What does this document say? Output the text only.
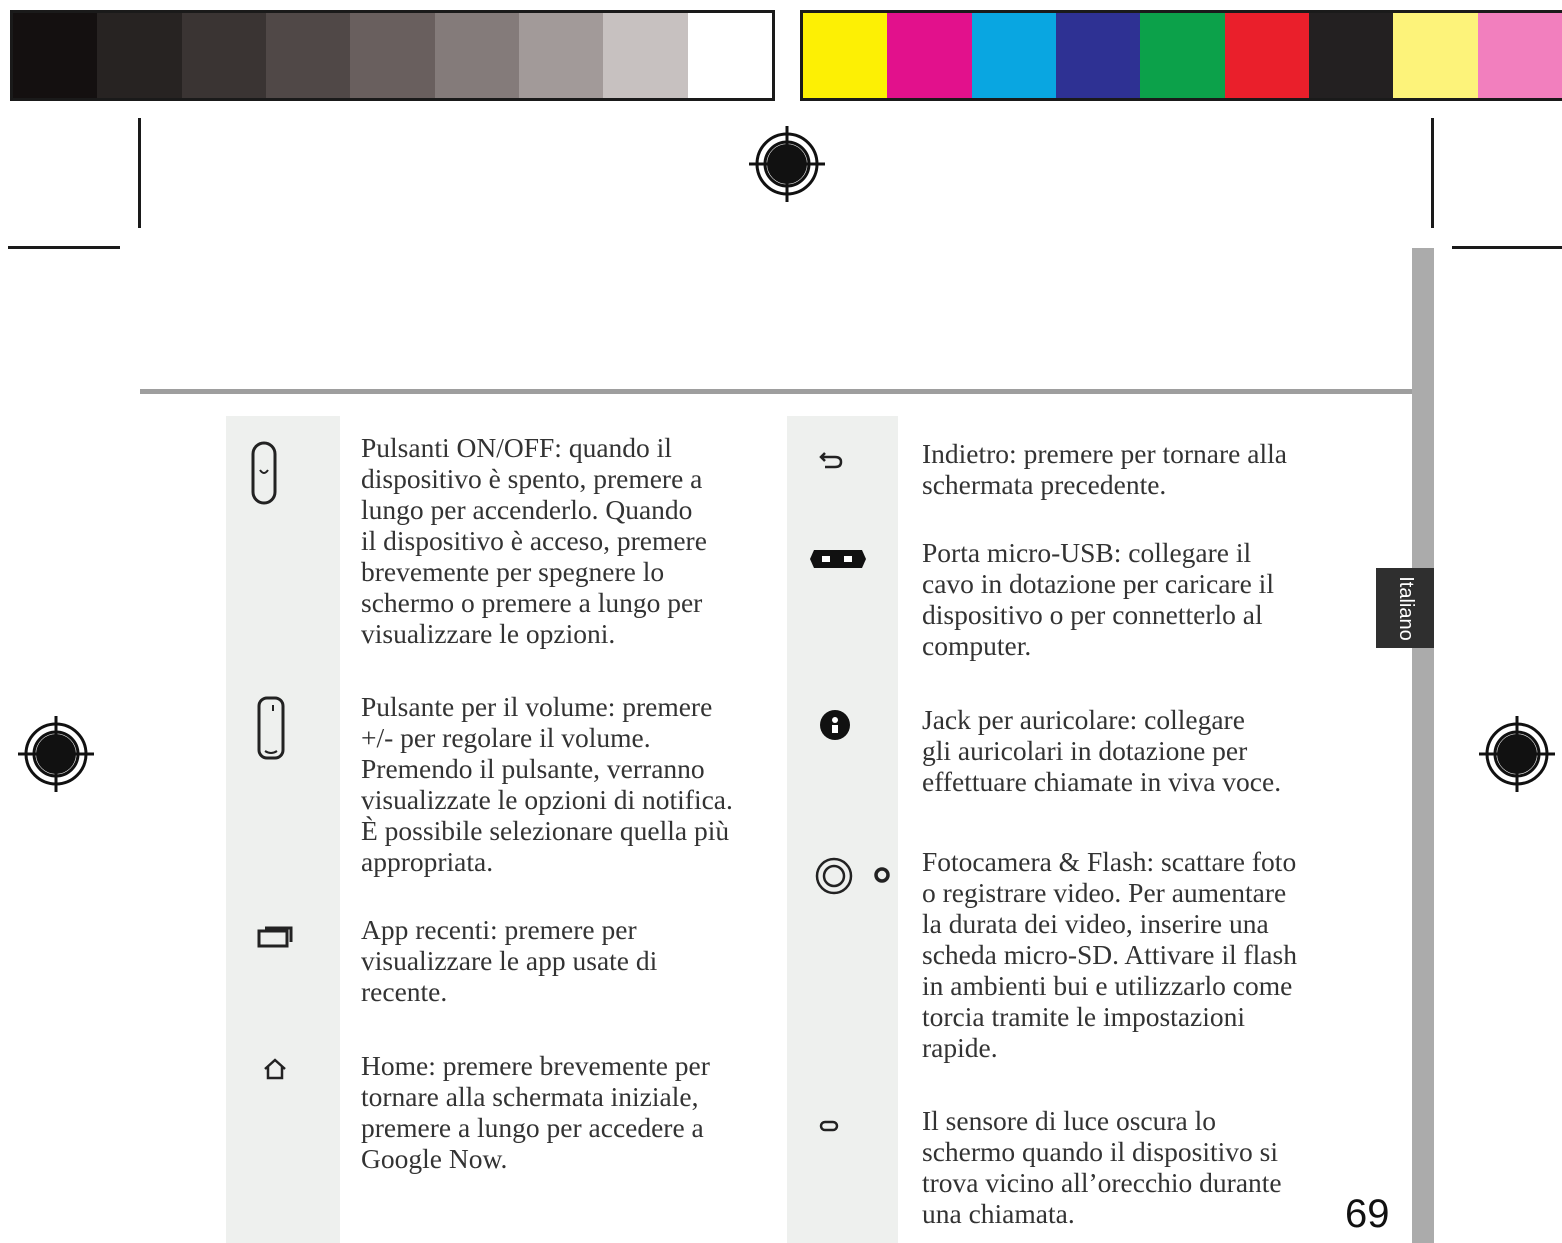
Italiano

Pulsanti ON/OFF: quando il
dispositivo è spento, premere a
lungo per accenderlo. Quando
il dispositivo è acceso, premere
brevemente per spegnere lo
schermo o premere a lungo per
visualizzare le opzioni.

Pulsante per il volume: premere
+/- per regolare il volume.
Premendo il pulsante, verranno
visualizzate le opzioni di notifica.
È possibile selezionare quella più
appropriata.

App recenti: premere per
visualizzare le app usate di
recente.

Home: premere brevemente per
tornare alla schermata iniziale,
premere a lungo per accedere a
Google Now.

Indietro: premere per tornare alla
schermata precedente.

Porta micro-USB: collegare il
cavo in dotazione per caricare il
dispositivo o per connetterlo al
computer.

Jack per auricolare: collegare
gli auricolari in dotazione per
effettuare chiamate in viva voce.

Fotocamera & Flash: scattare foto
o registrare video. Per aumentare
la durata dei video, inserire una
scheda micro-SD. Attivare il flash
in ambienti bui e utilizzarlo come
torcia tramite le impostazioni
rapide.

Il sensore di luce oscura lo
schermo quando il dispositivo si
trova vicino all’orecchio durante
una chiamata.	69
